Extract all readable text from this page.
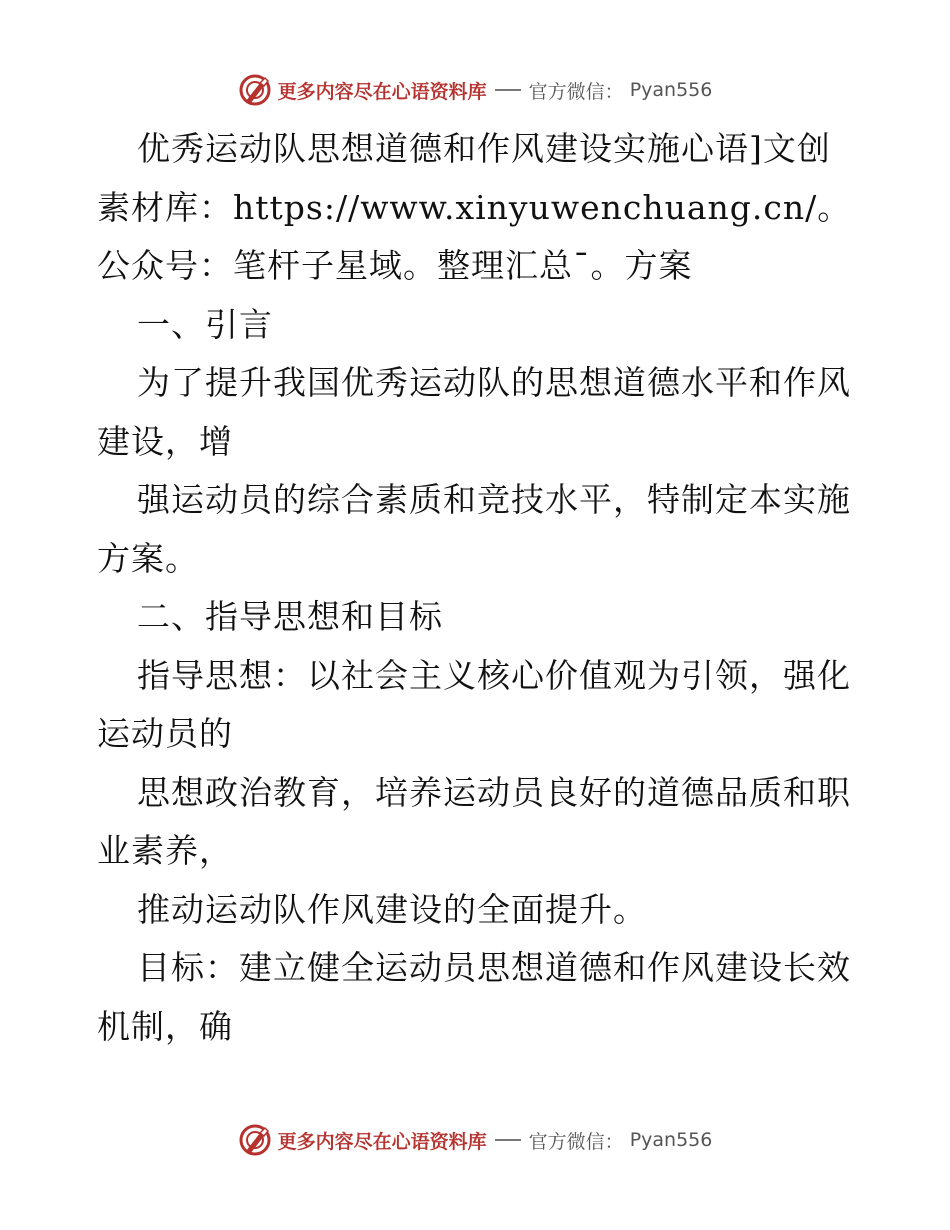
更多内容尽在心语资料库 官方微信： Pyan556

优秀运动队思想道德和作风建设实施心语]文创素材库：https://www.xinyuwenchuang.cn/。公众号：笔杆子星域。整理汇总¯。方案

一、引言

为了提升我国优秀运动队的思想道德水平和作风建设，增

强运动员的综合素质和竞技水平，特制定本实施方案。

二、指导思想和目标

指导思想：以社会主义核心价值观为引领，强化运动员的

思想政治教育，培养运动员良好的道德品质和职业素养，

推动运动队作风建设的全面提升。

目标：建立健全运动员思想道德和作风建设长效机制，确

更多内容尽在心语资料库 官方微信： Pyan556
